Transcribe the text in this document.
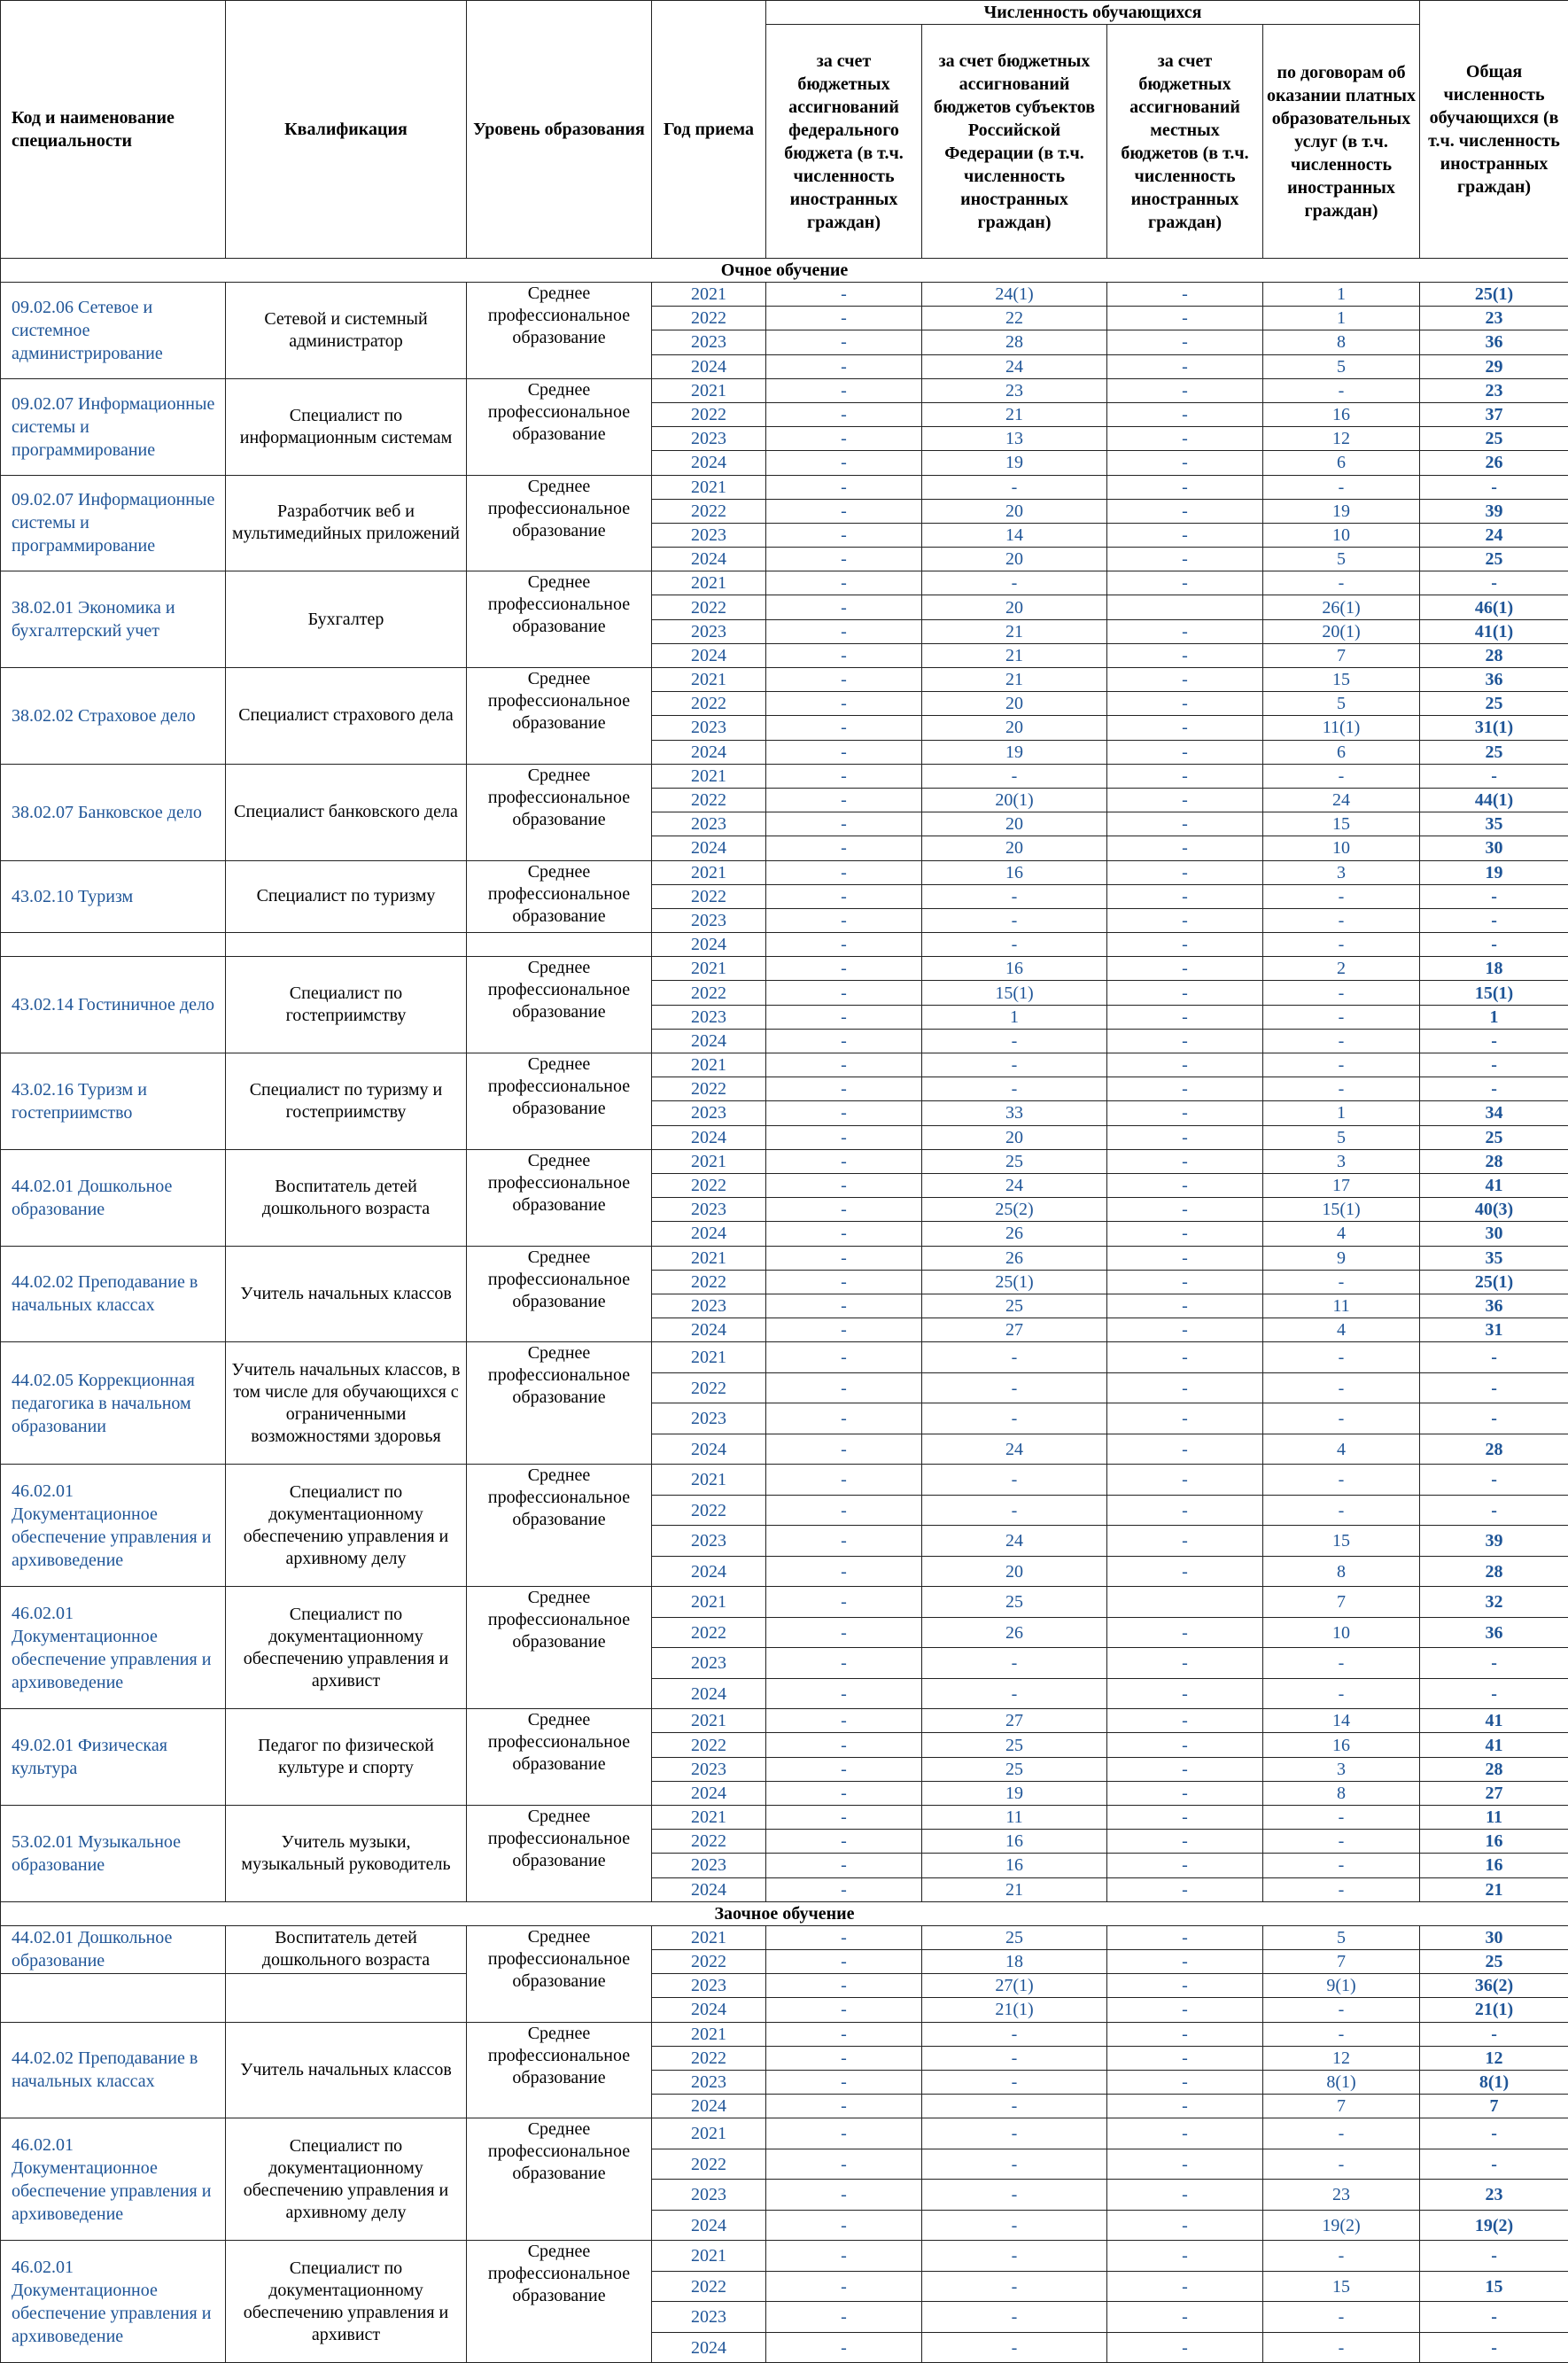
Код и наименование специальности	Квалификация	Уровень образования	Год приема	Численность обучающихся				Общая численность обучающихся (в т.ч. численность иностранных граждан)
				за счет бюджетных ассигнований федерального бюджета (в т.ч. численность иностранных граждан)	за счет бюджетных ассигнований бюджетов субъектов Российской Федерации (в т.ч. численность иностранных граждан)	за счет бюджетных ассигнований местных бюджетов (в т.ч. численность иностранных граждан)	по договорам об оказании платных образовательных услуг (в т.ч. численность иностранных граждан)	
Очное обучение								
09.02.06 Сетевое и системное администрирование	Сетевой и системный администратор	Среднее профессиональное образование	2021	-	24(1)	-	1	25(1)
			2022	-	22	-	1	23
			2023	-	28	-	8	36
			2024	-	24	-	5	29
09.02.07 Информационные системы и программирование	Специалист по информационным системам	Среднее профессиональное образование	2021	-	23	-	-	23
			2022	-	21	-	16	37
			2023	-	13	-	12	25
			2024	-	19	-	6	26
09.02.07 Информационные системы и программирование	Разработчик веб и мультимедийных приложений	Среднее профессиональное образование	2021	-	-	-	-	-
			2022	-	20	-	19	39
			2023	-	14	-	10	24
			2024	-	20	-	5	25
38.02.01 Экономика и бухгалтерский учет	Бухгалтер	Среднее профессиональное образование	2021	-	-	-	-	-
			2022	-	20		26(1)	46(1)
			2023	-	21	-	20(1)	41(1)
			2024	-	21	-	7	28
38.02.02 Страховое дело	Специалист страхового дела	Среднее профессиональное образование	2021	-	21	-	15	36
			2022	-	20	-	5	25
			2023	-	20	-	11(1)	31(1)
			2024	-	19	-	6	25
38.02.07 Банковское дело	Специалист банковского дела	Среднее профессиональное образование	2021	-	-	-	-	-
			2022	-	20(1)	-	24	44(1)
			2023	-	20	-	15	35
			2024	-	20	-	10	30
43.02.10 Туризм	Специалист по туризму	Среднее профессиональное образование	2021	-	16	-	3	19
			2022	-	-	-	-	-
			2023	-	-	-	-	-
			2024	-	-	-	-	-
43.02.14 Гостиничное дело	Специалист по гостеприимству	Среднее профессиональное образование	2021	-	16	-	2	18
			2022	-	15(1)	-	-	15(1)
			2023	-	1	-	-	1
			2024	-	-	-	-	-
43.02.16 Туризм и гостеприимство	Специалист по туризму и гостеприимству	Среднее профессиональное образование	2021	-	-	-	-	-
			2022	-	-	-	-	-
			2023	-	33	-	1	34
			2024	-	20	-	5	25
44.02.01 Дошкольное образование	Воспитатель детей дошкольного возраста	Среднее профессиональное образование	2021	-	25	-	3	28
			2022	-	24	-	17	41
			2023	-	25(2)	-	15(1)	40(3)
			2024	-	26	-	4	30
44.02.02 Преподавание в начальных классах	Учитель начальных классов	Среднее профессиональное образование	2021	-	26	-	9	35
			2022	-	25(1)	-	-	25(1)
			2023	-	25	-	11	36
			2024	-	27	-	4	31
44.02.05 Коррекционная педагогика в начальном образовании	Учитель начальных классов, в том числе для обучающихся с ограниченными возможностями здоровья	Среднее профессиональное образование	2021	-	-	-	-	-
			2022	-	-	-	-	-
			2023	-	-	-	-	-
			2024	-	24	-	4	28
46.02.01 Документационное обеспечение управления и архивоведение	Специалист по документационному обеспечению управления и архивному делу	Среднее профессиональное образование	2021	-	-	-	-	-
			2022	-	-	-	-	-
			2023	-	24	-	15	39
			2024	-	20	-	8	28
46.02.01 Документационное обеспечение управления и архивоведение	Специалист по документационному обеспечению управления и архивист	Среднее профессиональное образование	2021	-	25		7	32
			2022	-	26	-	10	36
			2023	-	-	-	-	-
			2024	-	-	-	-	-
49.02.01 Физическая культура	Педагог по физической культуре и спорту	Среднее профессиональное образование	2021	-	27	-	14	41
			2022	-	25	-	16	41
			2023	-	25	-	3	28
			2024	-	19	-	8	27
53.02.01 Музыкальное образование	Учитель музыки, музыкальный руководитель	Среднее профессиональное образование	2021	-	11	-	-	11
			2022	-	16	-	-	16
			2023	-	16	-	-	16
			2024	-	21	-	-	21
Заочное обучение								
44.02.01 Дошкольное образование	Воспитатель детей дошкольного возраста	Среднее профессиональное образование	2021	-	25	-	5	30
			2022	-	18	-	7	25
			2023	-	27(1)	-	9(1)	36(2)
			2024	-	21(1)	-	-	21(1)
44.02.02 Преподавание в начальных классах	Учитель начальных классов	Среднее профессиональное образование	2021	-	-	-	-	-
			2022	-	-	-	12	12
			2023	-	-	-	8(1)	8(1)
			2024	-	-	-	7	7
46.02.01 Документационное обеспечение управления и архивоведение	Специалист по документационному обеспечению управления и архивному делу	Среднее профессиональное образование	2021	-	-	-	-	-
			2022	-	-	-	-	-
			2023	-	-	-	23	23
			2024	-	-	-	19(2)	19(2)
46.02.01 Документационное обеспечение управления и архивоведение	Специалист по документационному обеспечению управления и архивист	Среднее профессиональное образование	2021	-	-	-	-	-
			2022	-	-	-	15	15
			2023	-	-	-	-	-
			2024	-	-	-	-	-
